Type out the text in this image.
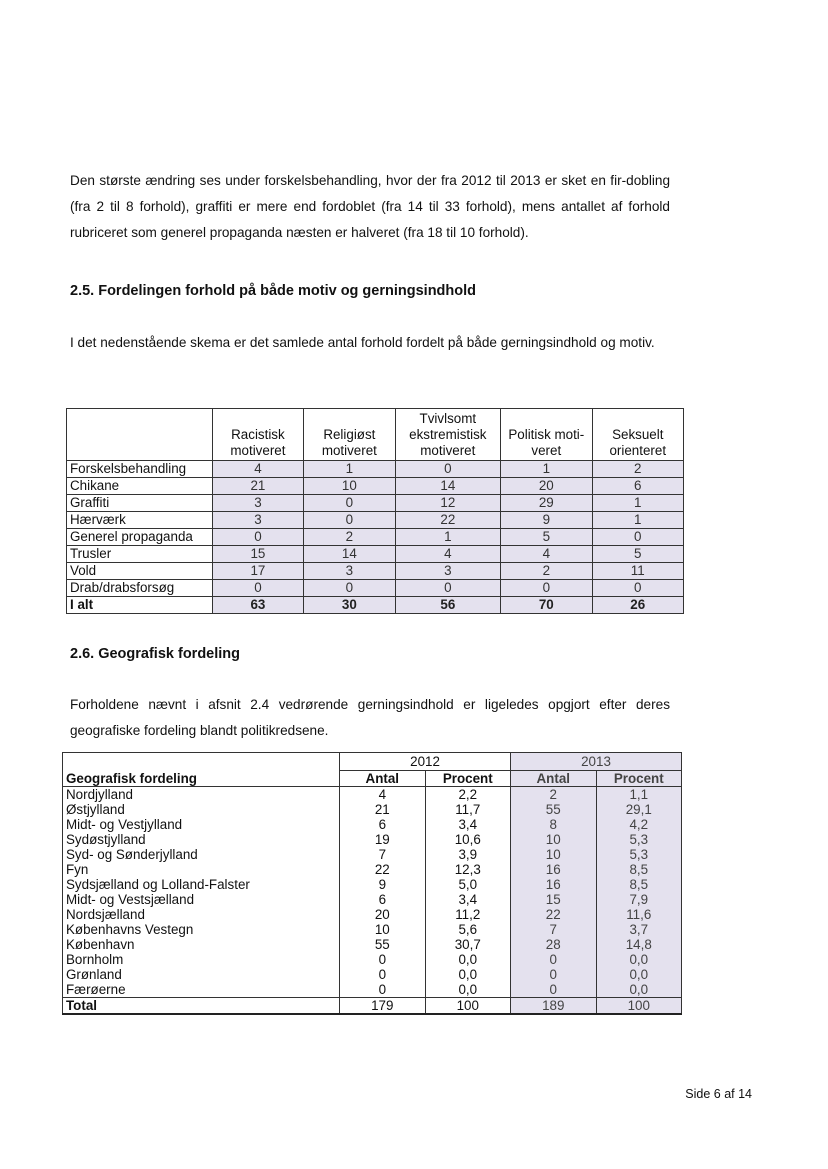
Den største ændring ses under forskelsbehandling, hvor der fra 2012 til 2013 er sket en fir-dobling (fra 2 til 8 forhold), graffiti er mere end fordoblet (fra 14 til 33 forhold), mens antallet af forhold rubriceret som generel propaganda næsten er halveret (fra 18 til 10 forhold).

2.5. Fordelingen forhold på både motiv og gerningsindhold

I det nedenstående skema er det samlede antal forhold fordelt på både gerningsindhold og motiv.

	Racistisk motiveret	Religiøst motiveret	Tvivlsomt ekstremistisk motiveret	Politisk moti-veret	Seksuelt orienteret
Forskelsbehandling	4	1	0	1	2
Chikane	21	10	14	20	6
Graffiti	3	0	12	29	1
Hærværk	3	0	22	9	1
Generel propaganda	0	2	1	5	0
Trusler	15	14	4	4	5
Vold	17	3	3	2	11
Drab/drabsforsøg	0	0	0	0	0
I alt	63	30	56	70	26
2.6. Geografisk fordeling

Forholdene nævnt i afsnit 2.4 vedrørende gerningsindhold er ligeledes opgjort efter deres geografiske fordeling blandt politikredsene.

	2012		2013	
Geografisk fordeling	Antal	Procent	Antal	Procent
Nordjylland	4	2,2	2	1,1
Østjylland	21	11,7	55	29,1
Midt- og Vestjylland	6	3,4	8	4,2
Sydøstjylland	19	10,6	10	5,3
Syd- og Sønderjylland	7	3,9	10	5,3
Fyn	22	12,3	16	8,5
Sydsjælland og Lolland-Falster	9	5,0	16	8,5
Midt- og Vestsjælland	6	3,4	15	7,9
Nordsjælland	20	11,2	22	11,6
Københavns Vestegn	10	5,6	7	3,7
København	55	30,7	28	14,8
Bornholm	0	0,0	0	0,0
Grønland	0	0,0	0	0,0
Færøerne	0	0,0	0	0,0
Total	179	100	189	100
Side 6 af 14
